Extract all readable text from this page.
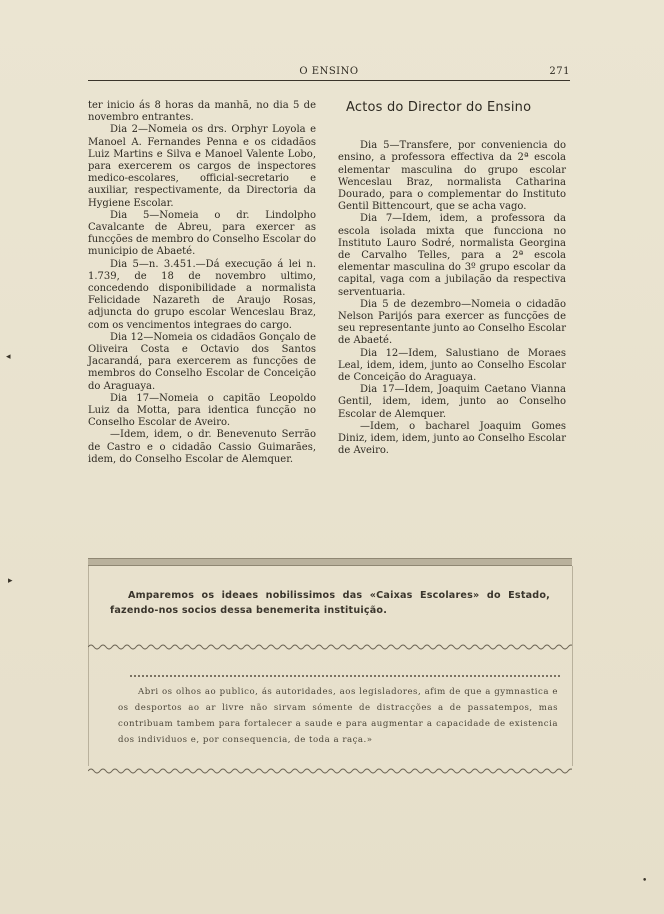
O ENSINO	271

ter inicio ás 8 horas da manhã, no dia 5 de novembro entrantes.

Dia 2—Nomeia os drs. Orphyr Loyola e Manoel A. Fernandes Penna e os cidadãos Luiz Martins e Silva e Manoel Valente Lobo, para exercerem os cargos de inspectores medico-escolares, official-secretario e auxiliar, respectivamente, da Directoria da Hygiene Escolar.

Dia 5—Nomeia o dr. Lindolpho Cavalcante de Abreu, para exercer as funcções de membro do Conselho Escolar do municipio de Abaeté.

Dia 5—n. 3.451.—Dá execução á lei n. 1.739, de 18 de novembro ultimo, concedendo disponibilidade a normalista Felicidade Nazareth de Araujo Rosas, adjuncta do grupo escolar Wenceslau Braz, com os vencimentos integraes do cargo.

Dia 12—Nomeia os cidadãos Gonçalo de Oliveira Costa e Octavio dos Santos Jacarandá, para exercerem as funcções de membros do Conselho Escolar de Conceição do Araguaya.

Dia 17—Nomeia o capitão Leopoldo Luiz da Motta, para identica funcção no Conselho Escolar de Aveiro.

—Idem, idem, o dr. Benevenuto Serrão de Castro e o cidadão Cassio Guimarães, idem, do Conselho Escolar de Alemquer.

Actos do Director do Ensino

Dia 5—Transfere, por conveniencia do ensino, a professora effectiva da 2ª escola elementar masculina do grupo escolar Wenceslau Braz, normalista Catharina Dourado, para o complementar do Instituto Gentil Bittencourt, que se acha vago.

Dia 7—Idem, idem, a professora da escola isolada mixta que funcciona no Instituto Lauro Sodré, normalista Georgina de Carvalho Telles, para a 2ª escola elementar masculina do 3º grupo escolar da capital, vaga com a jubilação da respectiva serventuaria.

Dia 5 de dezembro—Nomeia o cidadão Nelson Parijós para exercer as funcções de seu representante junto ao Conselho Escolar de Abaeté.

Dia 12—Idem, Salustiano de Moraes Leal, idem, idem, junto ao Conselho Escolar de Conceição do Araguaya.

Dia 17—Idem, Joaquim Caetano Vianna Gentil, idem, idem, junto ao Conselho Escolar de Alemquer.

—Idem, o bacharel Joaquim Gomes Diniz, idem, idem, junto ao Conselho Escolar de Aveiro.

Amparemos os ideaes nobilissimos das «Caixas Escolares» do Estado, fazendo-nos socios dessa benemerita instituição.

Abri os olhos ao publico, ás autoridades, aos legisladores, afim de que a gymnastica e os desportos ao ar livre não sirvam sómente de distracções a de passatempos, mas contribuam tambem para fortalecer a saude e para augmentar a capacidade de existencia dos individuos e, por consequencia, de toda a raça.»

◂
▸
•
